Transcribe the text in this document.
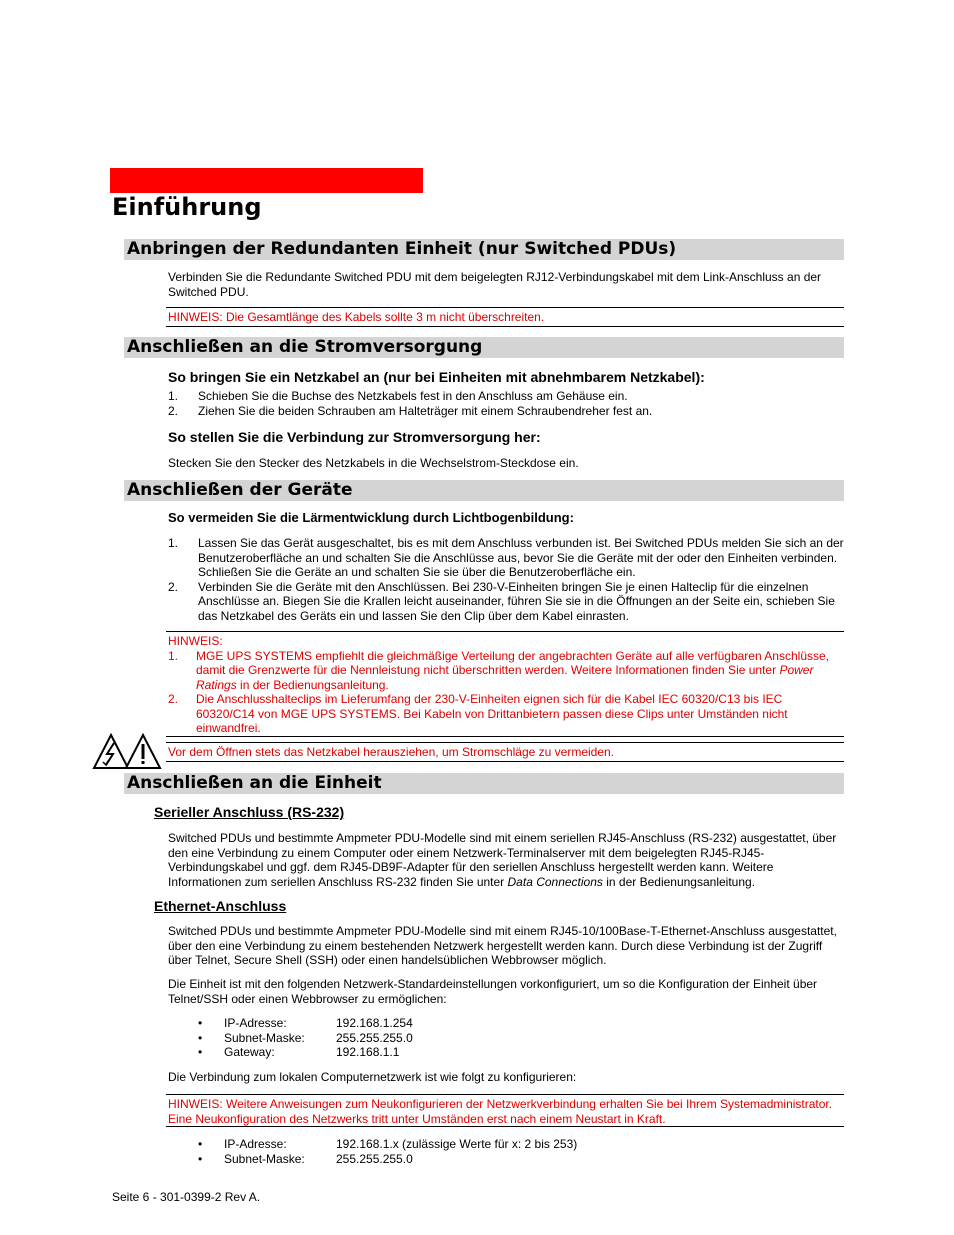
Einführung
Anbringen der Redundanten Einheit (nur Switched PDUs)

Verbinden Sie die Redundante Switched PDU mit dem beigelegten RJ12-Verbindungskabel mit dem Link-Anschluss an der Switched PDU.

HINWEIS: Die Gesamtlänge des Kabels sollte 3 m nicht überschreiten.
Anschließen an die Stromversorgung

So bringen Sie ein Netzkabel an (nur bei Einheiten mit abnehmbarem Netzkabel):

1. Schieben Sie die Buchse des Netzkabels fest in den Anschluss am Gehäuse ein.
2. Ziehen Sie die beiden Schrauben am Halteträger mit einem Schraubendreher fest an.

So stellen Sie die Verbindung zur Stromversorgung her:

Stecken Sie den Stecker des Netzkabels in die Wechselstrom-Steckdose ein.

Anschließen der Geräte

So vermeiden Sie die Lärmentwicklung durch Lichtbogenbildung:

1. Lassen Sie das Gerät ausgeschaltet, bis es mit dem Anschluss verbunden ist. Bei Switched PDUs melden Sie sich an der Benutzeroberfläche an und schalten Sie die Anschlüsse aus, bevor Sie die Geräte mit der oder den Einheiten verbinden. Schließen Sie die Geräte an und schalten Sie sie über die Benutzeroberfläche ein.
2. Verbinden Sie die Geräte mit den Anschlüssen. Bei 230-V-Einheiten bringen Sie je einen Halteclip für die einzelnen Anschlüsse an. Biegen Sie die Krallen leicht auseinander, führen Sie sie in die Öffnungen an der Seite ein, schieben Sie das Netzkabel des Geräts ein und lassen Sie den Clip über dem Kabel einrasten.
HINWEIS:
1. MGE UPS SYSTEMS empfiehlt die gleichmäßige Verteilung der angebrachten Geräte auf alle verfügbaren Anschlüsse, damit die Grenzwerte für die Nennleistung nicht überschritten werden. Weitere Informationen finden Sie unter Power Ratings in der Bedienungsanleitung.
2. Die Anschlusshalteclips im Lieferumfang der 230-V-Einheiten eignen sich für die Kabel IEC 60320/C13 bis IEC 60320/C14 von MGE UPS SYSTEMS. Bei Kabeln von Drittanbietern passen diese Clips unter Umständen nicht einwandfrei.
Vor dem Öffnen stets das Netzkabel herausziehen, um Stromschläge zu vermeiden.
Anschließen an die Einheit

Serieller Anschluss (RS-232)

Switched PDUs und bestimmte Ampmeter PDU-Modelle sind mit einem seriellen RJ45-Anschluss (RS-232) ausgestattet, über den eine Verbindung zu einem Computer oder einem Netzwerk-Terminalserver mit dem beigelegten RJ45-RJ45-Verbindungskabel und ggf. dem RJ45-DB9F-Adapter für den seriellen Anschluss hergestellt werden kann. Weitere Informationen zum seriellen Anschluss RS-232 finden Sie unter Data Connections in der Bedienungsanleitung.

Ethernet-Anschluss

Switched PDUs und bestimmte Ampmeter PDU-Modelle sind mit einem RJ45-10/100Base-T-Ethernet-Anschluss ausgestattet, über den eine Verbindung zu einem bestehenden Netzwerk hergestellt werden kann. Durch diese Verbindung ist der Zugriff über Telnet, Secure Shell (SSH) oder einen handelsüblichen Webbrowser möglich.

Die Einheit ist mit den folgenden Netzwerk-Standardeinstellungen vorkonfiguriert, um so die Konfiguration der Einheit über Telnet/SSH oder einen Webbrowser zu ermöglichen:

• IP-Adresse:	192.168.1.254
• Subnet-Maske:	255.255.255.0
• Gateway:	192.168.1.1

Die Verbindung zum lokalen Computernetzwerk ist wie folgt zu konfigurieren:

HINWEIS: Weitere Anweisungen zum Neukonfigurieren der Netzwerkverbindung erhalten Sie bei Ihrem Systemadministrator. Eine Neukonfiguration des Netzwerks tritt unter Umständen erst nach einem Neustart in Kraft.
• IP-Adresse:	192.168.1.x (zulässige Werte für x: 2 bis 253)
• Subnet-Maske:	255.255.255.0
Seite 6 - 301-0399-2 Rev A.
